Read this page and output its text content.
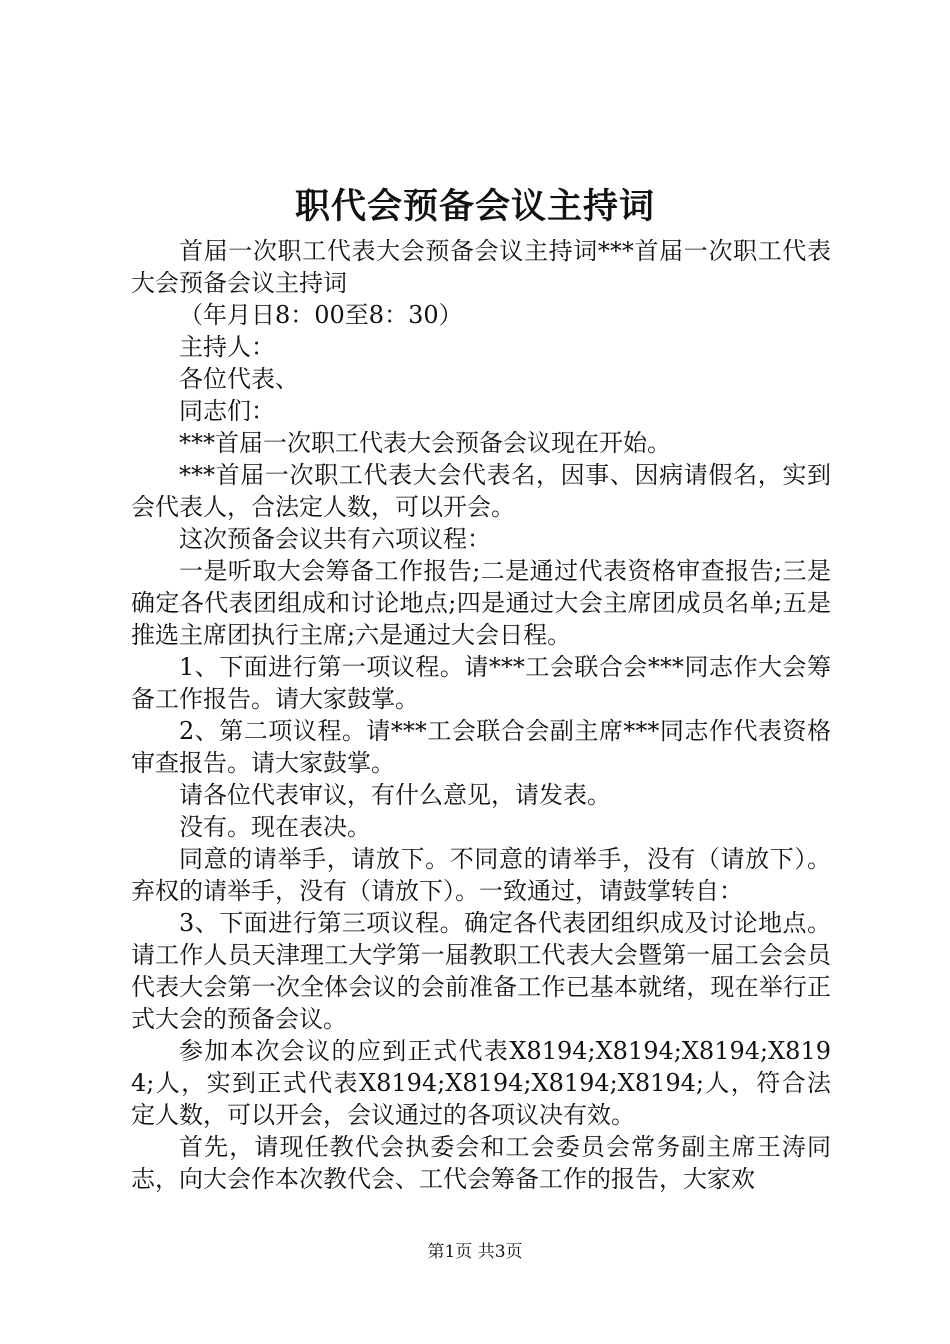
职代会预备会议主持词

首届一次职工代表大会预备会议主持词***首届一次职工代表大会预备会议主持词

（年月日8：00至8：30）

主持人：

各位代表、

同志们：

***首届一次职工代表大会预备会议现在开始。

***首届一次职工代表大会代表名，因事、因病请假名，实到会代表人，合法定人数，可以开会。

这次预备会议共有六项议程：

一是听取大会筹备工作报告;二是通过代表资格审查报告;三是确定各代表团组成和讨论地点;四是通过大会主席团成员名单;五是推选主席团执行主席;六是通过大会日程。

1、下面进行第一项议程。请***工会联合会***同志作大会筹备工作报告。请大家鼓掌。

2、第二项议程。请***工会联合会副主席***同志作代表资格审查报告。请大家鼓掌。

请各位代表审议，有什么意见，请发表。

没有。现在表决。

同意的请举手，请放下。不同意的请举手，没有（请放下）。弃权的请举手，没有（请放下）。一致通过，请鼓掌转自：

3、下面进行第三项议程。确定各代表团组织成及讨论地点。请工作人员天津理工大学第一届教职工代表大会暨第一届工会会员代表大会第一次全体会议的会前准备工作已基本就绪，现在举行正式大会的预备会议。

参加本次会议的应到正式代表X8194;X8194;X8194;X8194;人，实到正式代表X8194;X8194;X8194;X8194;人，符合法定人数，可以开会，会议通过的各项议决有效。

首先，请现任教代会执委会和工会委员会常务副主席王涛同志，向大会作本次教代会、工代会筹备工作的报告，大家欢

第1页 共3页
